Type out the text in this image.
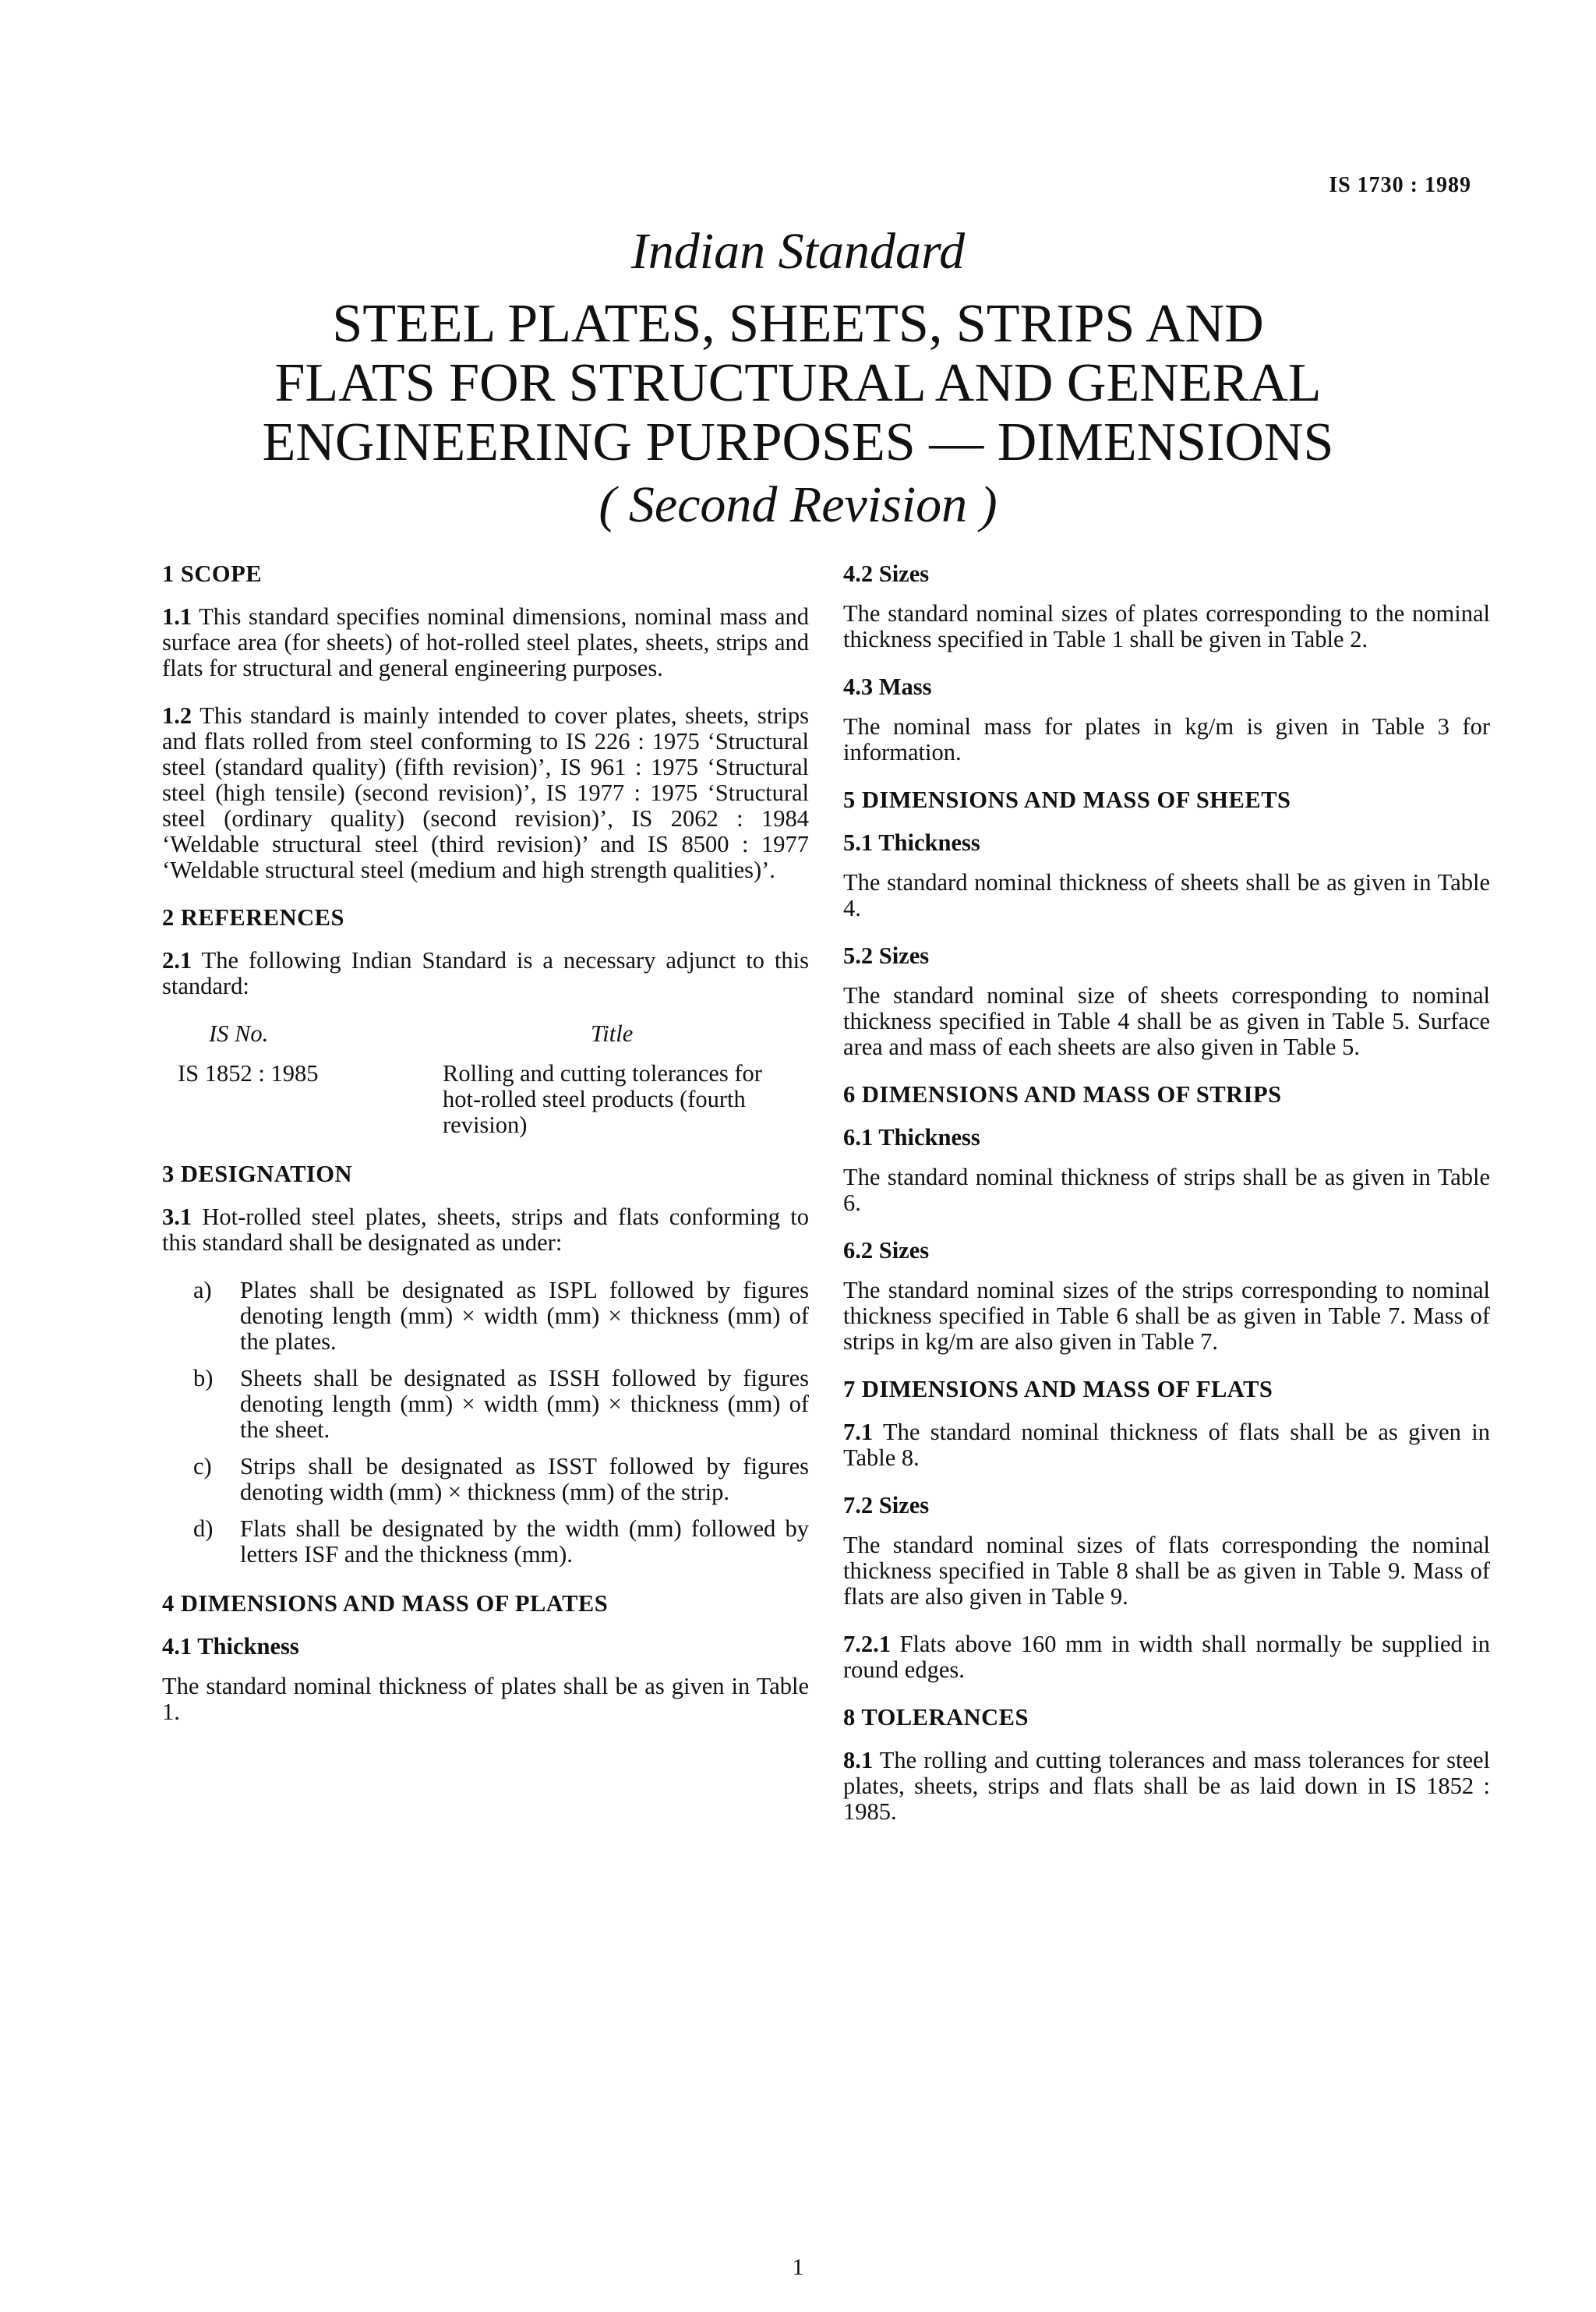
IS 1730 : 1989
Indian Standard
STEEL PLATES, SHEETS, STRIPS AND
FLATS FOR STRUCTURAL AND GENERAL
ENGINEERING PURPOSES — DIMENSIONS
( Second Revision )
1 SCOPE

1.1 This standard specifies nominal dimensions, nominal mass and surface area (for sheets) of hot-rolled steel plates, sheets, strips and flats for structural and general engineering purposes.

1.2 This standard is mainly intended to cover plates, sheets, strips and flats rolled from steel conforming to IS 226 : 1975 ‘Structural steel (standard quality) (fifth revision)’, IS 961 : 1975 ‘Structural steel (high tensile) (second revision)’, IS 1977 : 1975 ‘Structural steel (ordinary quality) (second revision)’, IS 2062 : 1984 ‘Weldable structural steel (third revision)’ and IS 8500 : 1977 ‘Weldable structural steel (medium and high strength qualities)’.

2 REFERENCES

2.1 The following Indian Standard is a necessary adjunct to this standard:

IS No.	Title
IS 1852 : 1985	Rolling and cutting tolerances for hot-rolled steel products (fourth revision)
3 DESIGNATION

3.1 Hot-rolled steel plates, sheets, strips and flats conforming to this standard shall be designated as under:

a)	Plates shall be designated as ISPL followed by figures denoting length (mm) × width (mm) × thickness (mm) of the plates.
b)	Sheets shall be designated as ISSH followed by figures denoting length (mm) × width (mm) × thickness (mm) of the sheet.
c)	Strips shall be designated as ISST followed by figures denoting width (mm) × thickness (mm) of the strip.
d)	Flats shall be designated by the width (mm) followed by letters ISF and the thickness (mm).
4 DIMENSIONS AND MASS OF PLATES
4.1 Thickness

The standard nominal thickness of plates shall be as given in Table 1.

4.2 Sizes

The standard nominal sizes of plates corresponding to the nominal thickness specified in Table 1 shall be given in Table 2.

4.3 Mass

The nominal mass for plates in kg/m is given in Table 3 for information.

5 DIMENSIONS AND MASS OF SHEETS
5.1 Thickness

The standard nominal thickness of sheets shall be as given in Table 4.

5.2 Sizes

The standard nominal size of sheets corresponding to nominal thickness specified in Table 4 shall be as given in Table 5. Surface area and mass of each sheets are also given in Table 5.

6 DIMENSIONS AND MASS OF STRIPS
6.1 Thickness

The standard nominal thickness of strips shall be as given in Table 6.

6.2 Sizes

The standard nominal sizes of the strips corresponding to nominal thickness specified in Table 6 shall be as given in Table 7. Mass of strips in kg/m are also given in Table 7.

7 DIMENSIONS AND MASS OF FLATS

7.1 The standard nominal thickness of flats shall be as given in Table 8.

7.2 Sizes

The standard nominal sizes of flats corresponding the nominal thickness specified in Table 8 shall be as given in Table 9. Mass of flats are also given in Table 9.

7.2.1 Flats above 160 mm in width shall normally be supplied in round edges.

8 TOLERANCES

8.1 The rolling and cutting tolerances and mass tolerances for steel plates, sheets, strips and flats shall be as laid down in IS 1852 : 1985.

1
